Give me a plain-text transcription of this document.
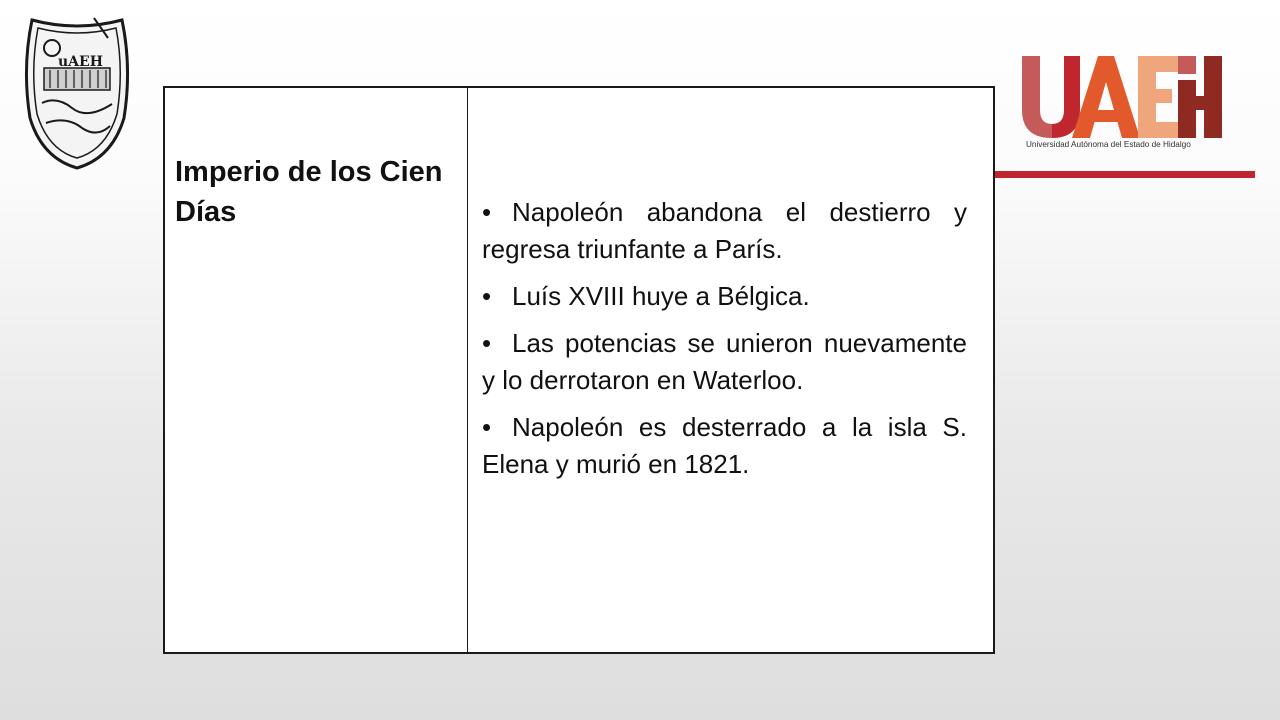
uAEH
Universidad Autónoma del Estado de Hidalgo

Imperio de los Cien Días	• Napoleón abandona el destierro y regresa triunfante a París.
• Luís XVIII huye a Bélgica.
• Las potencias se unieron nuevamente y lo derrotaron en Waterloo.
• Napoleón es desterrado a la isla S. Elena y murió en 1821.
